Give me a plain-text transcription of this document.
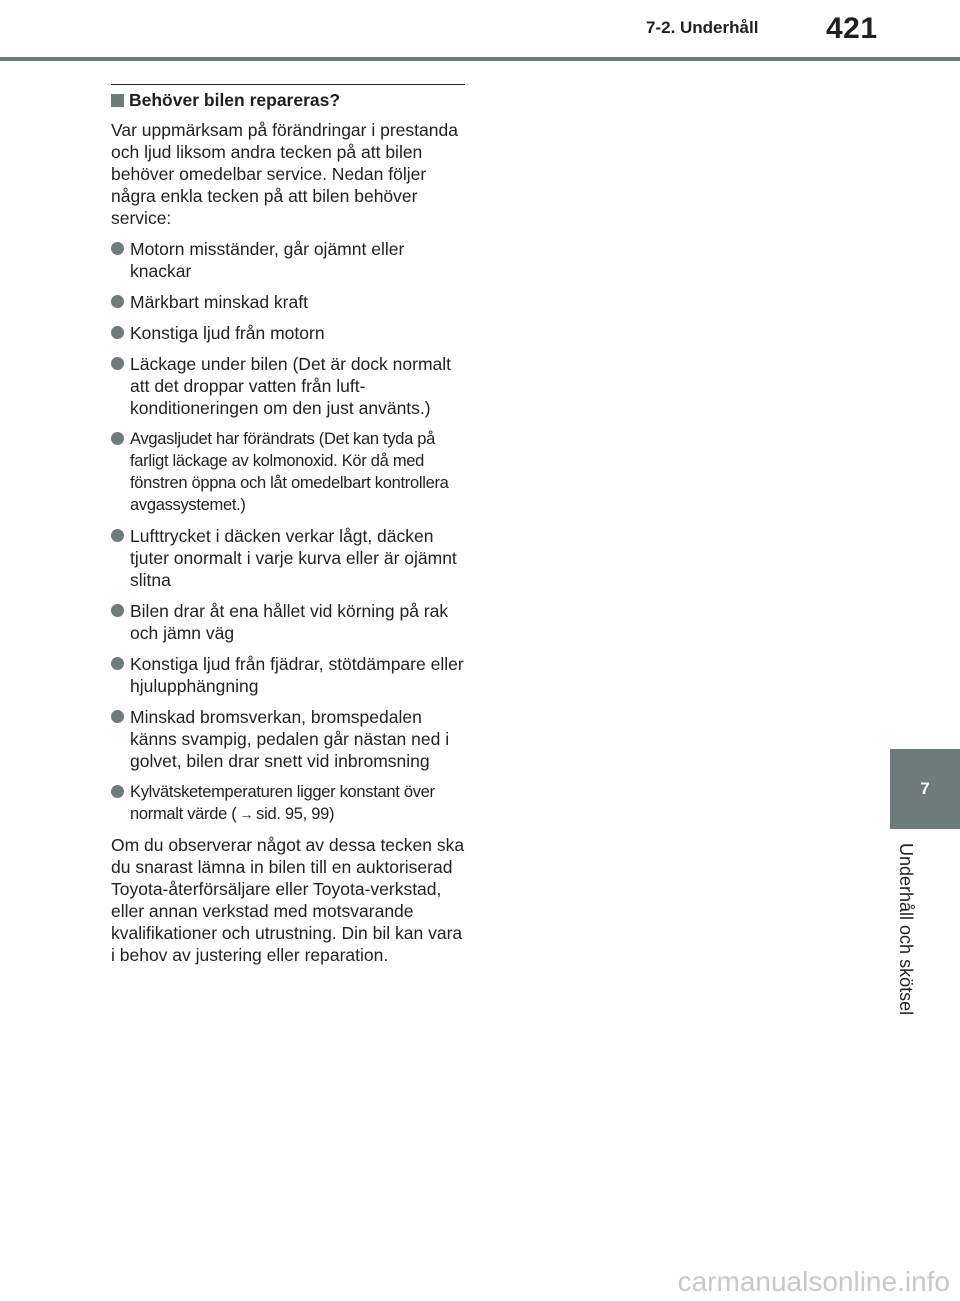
7-2. Underhåll 421
Behöver bilen repareras?

Var uppmärksam på förändringar i prestanda och ljud liksom andra tecken på att bilen behöver omedelbar service. Nedan följer några enkla tecken på att bilen behöver service:

Motorn misständer, går ojämnt eller knackar
Märkbart minskad kraft
Konstiga ljud från motorn
Läckage under bilen (Det är dock normalt att det droppar vatten från luftkonditioneringen om den just använts.)
Avgasljudet har förändrats (Det kan tyda på farligt läckage av kolmonoxid. Kör då med fönstren öppna och låt omedelbart kontrollera avgassystemet.)
Lufttrycket i däcken verkar lågt, däcken tjuter onormalt i varje kurva eller är ojämnt slitna
Bilen drar åt ena hållet vid körning på rak och jämn väg
Konstiga ljud från fjädrar, stötdämpare eller hjulupphängning
Minskad bromsverkan, bromspedalen känns svampig, pedalen går nästan ned i golvet, bilen drar snett vid inbromsning
Kylvätsketemperaturen ligger konstant över normalt värde ( → sid. 95, 99)

Om du observerar något av dessa tecken ska du snarast lämna in bilen till en auktoriserad Toyota-återförsäljare eller Toyota-verkstad, eller annan verkstad med motsvarande kvalifikationer och utrustning. Din bil kan vara i behov av justering eller reparation.

7
Underhåll och skötsel
carmanualsonline.info
